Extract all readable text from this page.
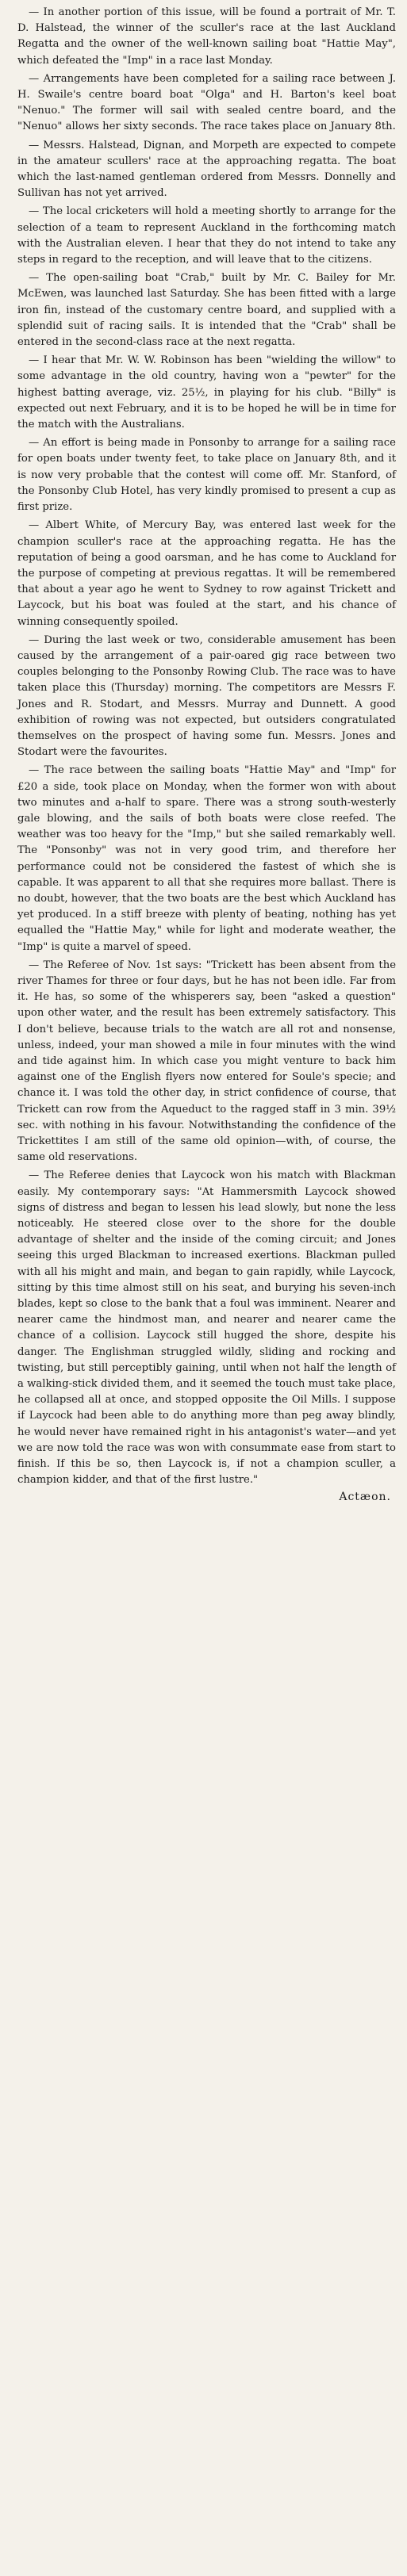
— In another portion of this issue, will be found a portrait of Mr. T. D. Halstead, the winner of the sculler's race at the last Auckland Regatta and the owner of the well-known sailing boat "Hattie May", which defeated the "Imp" in a race last Monday.

— Arrangements have been completed for a sailing race between J. H. Swaile's centre board boat "Olga" and H. Barton's keel boat "Nenuo." The former will sail with sealed centre board, and the "Nenuo" allows her sixty seconds. The race takes place on January 8th.

— Messrs. Halstead, Dignan, and Morpeth are expected to compete in the amateur scullers' race at the approaching regatta. The boat which the last-named gentleman ordered from Messrs. Donnelly and Sullivan has not yet arrived.

— The local cricketers will hold a meeting shortly to arrange for the selection of a team to represent Auckland in the forthcoming match with the Australian eleven. I hear that they do not intend to take any steps in regard to the reception, and will leave that to the citizens.

— The open-sailing boat "Crab," built by Mr. C. Bailey for Mr. McEwen, was launched last Saturday. She has been fitted with a large iron fin, instead of the customary centre board, and supplied with a splendid suit of racing sails. It is intended that the "Crab" shall be entered in the second-class race at the next regatta.

— I hear that Mr. W. W. Robinson has been "wielding the willow" to some advantage in the old country, having won a "pewter" for the highest batting average, viz. 25½, in playing for his club. "Billy" is expected out next February, and it is to be hoped he will be in time for the match with the Australians.

— An effort is being made in Ponsonby to arrange for a sailing race for open boats under twenty feet, to take place on January 8th, and it is now very probable that the contest will come off. Mr. Stanford, of the Ponsonby Club Hotel, has very kindly promised to present a cup as first prize.

— Albert White, of Mercury Bay, was entered last week for the champion sculler's race at the approaching regatta. He has the reputation of being a good oarsman, and he has come to Auckland for the purpose of competing at previous regattas. It will be remembered that about a year ago he went to Sydney to row against Trickett and Laycock, but his boat was fouled at the start, and his chance of winning consequently spoiled.

— During the last week or two, considerable amusement has been caused by the arrangement of a pair-oared gig race between two couples belonging to the Ponsonby Rowing Club. The race was to have taken place this (Thursday) morning. The competitors are Messrs F. Jones and R. Stodart, and Messrs. Murray and Dunnett. A good exhibition of rowing was not expected, but outsiders congratulated themselves on the prospect of having some fun. Messrs. Jones and Stodart were the favourites.

— The race between the sailing boats "Hattie May" and "Imp" for £20 a side, took place on Monday, when the former won with about two minutes and a-half to spare. There was a strong south-westerly gale blowing, and the sails of both boats were close reefed. The weather was too heavy for the "Imp," but she sailed remarkably well. The "Ponsonby" was not in very good trim, and therefore her performance could not be considered the fastest of which she is capable. It was apparent to all that she requires more ballast. There is no doubt, however, that the two boats are the best which Auckland has yet produced. In a stiff breeze with plenty of beating, nothing has yet equalled the "Hattie May," while for light and moderate weather, the "Imp" is quite a marvel of speed.

— The Referee of Nov. 1st says: "Trickett has been absent from the river Thames for three or four days, but he has not been idle. Far from it. He has, so some of the whisperers say, been "asked a question" upon other water, and the result has been extremely satisfactory. This I don't believe, because trials to the watch are all rot and nonsense, unless, indeed, your man showed a mile in four minutes with the wind and tide against him. In which case you might venture to back him against one of the English flyers now entered for Soule's specie; and chance it. I was told the other day, in strict confidence of course, that Trickett can row from the Aqueduct to the ragged staff in 3 min. 39½ sec. with nothing in his favour. Notwithstanding the confidence of the Trickettites I am still of the same old opinion—with, of course, the same old reservations.

— The Referee denies that Laycock won his match with Blackman easily. My contemporary says: "At Hammersmith Laycock showed signs of distress and began to lessen his lead slowly, but none the less noticeably. He steered close over to the shore for the double advantage of shelter and the inside of the coming circuit; and Jones seeing this urged Blackman to increased exertions. Blackman pulled with all his might and main, and began to gain rapidly, while Laycock, sitting by this time almost still on his seat, and burying his seven-inch blades, kept so close to the bank that a foul was imminent. Nearer and nearer came the hindmost man, and nearer and nearer came the chance of a collision. Laycock still hugged the shore, despite his danger. The Englishman struggled wildly, sliding and rocking and twisting, but still perceptibly gaining, until when not half the length of a walking-stick divided them, and it seemed the touch must take place, he collapsed all at once, and stopped opposite the Oil Mills. I suppose if Laycock had been able to do anything more than peg away blindly, he would never have remained right in his antagonist's water—and yet we are now told the race was won with consummate ease from start to finish. If this be so, then Laycock is, if not a champion sculler, a champion kidder, and that of the first lustre."

Actæon.
